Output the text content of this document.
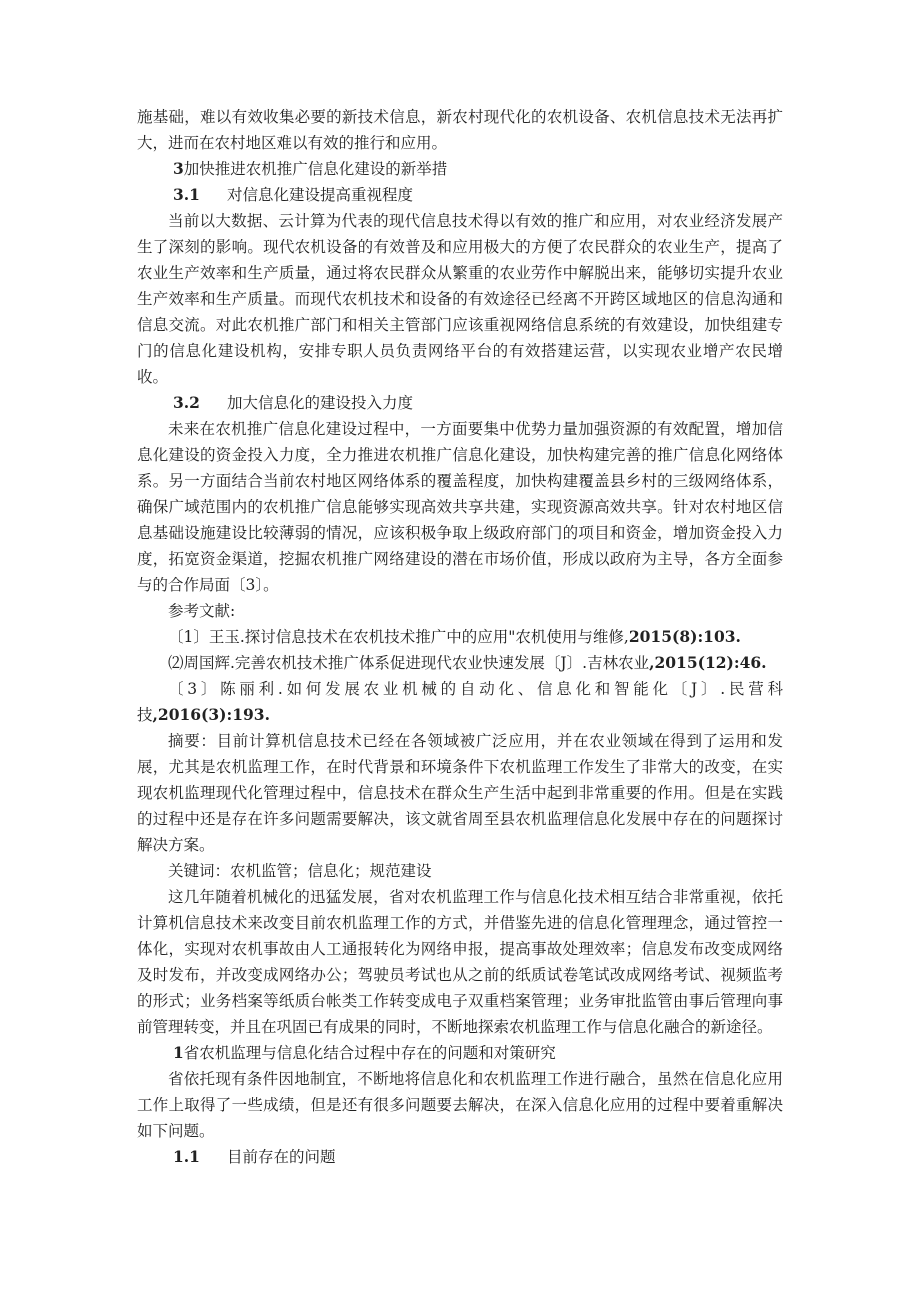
施基础，难以有效收集必要的新技术信息，新农村现代化的农机设备、农机信息技术无法再扩大，进而在农村地区难以有效的推行和应用。

3加快推进农机推广信息化建设的新举措

3.1 对信息化建设提高重视程度

当前以大数据、云计算为代表的现代信息技术得以有效的推广和应用，对农业经济发展产生了深刻的影响。现代农机设备的有效普及和应用极大的方便了农民群众的农业生产，提高了农业生产效率和生产质量，通过将农民群众从繁重的农业劳作中解脱出来，能够切实提升农业生产效率和生产质量。而现代农机技术和设备的有效途径已经离不开跨区域地区的信息沟通和信息交流。对此农机推广部门和相关主管部门应该重视网络信息系统的有效建设，加快组建专门的信息化建设机构，安排专职人员负责网络平台的有效搭建运营，以实现农业增产农民增收。

3.2 加大信息化的建设投入力度

未来在农机推广信息化建设过程中，一方面要集中优势力量加强资源的有效配置，增加信息化建设的资金投入力度，全力推进农机推广信息化建设，加快构建完善的推广信息化网络体系。另一方面结合当前农村地区网络体系的覆盖程度，加快构建覆盖县乡村的三级网络体系，确保广域范围内的农机推广信息能够实现高效共享共建，实现资源高效共享。针对农村地区信息基础设施建设比较薄弱的情况，应该积极争取上级政府部门的项目和资金，增加资金投入力度，拓宽资金渠道，挖掘农机推广网络建设的潜在市场价值，形成以政府为主导，各方全面参与的合作局面〔3〕。

参考文献:

〔1〕王玉.探讨信息技术在农机技术推广中的应用"农机使用与维修,2015(8):103.

⑵周国辉.完善农机技术推广体系促进现代农业快速发展〔J〕.吉林农业,2015(12):46.

〔3〕陈丽利.如何发展农业机械的自动化、信息化和智能化〔J〕.民营科技,2016(3):193.

摘要：目前计算机信息技术已经在各领域被广泛应用，并在农业领域在得到了运用和发展，尤其是农机监理工作，在时代背景和环境条件下农机监理工作发生了非常大的改变，在实现农机监理现代化管理过程中，信息技术在群众生产生活中起到非常重要的作用。但是在实践的过程中还是存在许多问题需要解决，该文就省周至县农机监理信息化发展中存在的问题探讨解决方案。

关键词：农机监管；信息化；规范建设

这几年随着机械化的迅猛发展，省对农机监理工作与信息化技术相互结合非常重视，依托计算机信息技术来改变目前农机监理工作的方式，并借鉴先进的信息化管理理念，通过管控一体化，实现对农机事故由人工通报转化为网络申报，提高事故处理效率；信息发布改变成网络及时发布，并改变成网络办公；驾驶员考试也从之前的纸质试卷笔试改成网络考试、视频监考的形式；业务档案等纸质台帐类工作转变成电子双重档案管理；业务审批监管由事后管理向事前管理转变，并且在巩固已有成果的同时，不断地探索农机监理工作与信息化融合的新途径。

1省农机监理与信息化结合过程中存在的问题和对策研究

省依托现有条件因地制宜，不断地将信息化和农机监理工作进行融合，虽然在信息化应用工作上取得了一些成绩，但是还有很多问题要去解决，在深入信息化应用的过程中要着重解决如下问题。

1.1 目前存在的问题
